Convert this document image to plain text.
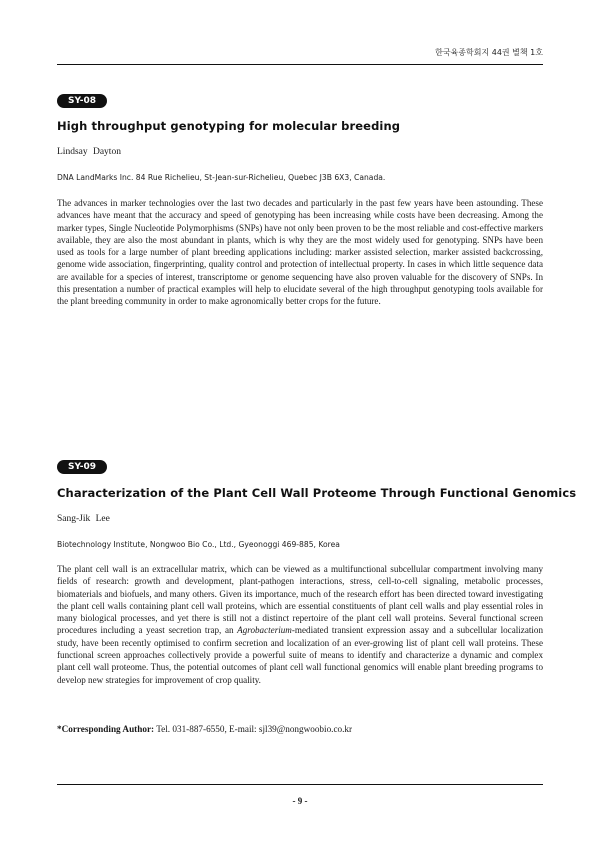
한국육종학회지 44권 별책 1호
SY-08
High throughput genotyping for molecular breeding
Lindsay Dayton
DNA LandMarks Inc. 84 Rue Richelieu, St-Jean-sur-Richelieu, Quebec J3B 6X3, Canada.

The advances in marker technologies over the last two decades and particularly in the past few years have been astounding. These advances have meant that the accuracy and speed of genotyping has been increasing while costs have been decreasing. Among the marker types, Single Nucleotide Polymorphisms (SNPs) have not only been proven to be the most reliable and cost-effective markers available, they are also the most abundant in plants, which is why they are the most widely used for genotyping. SNPs have been used as tools for a large number of plant breeding applications including: marker assisted selection, marker assisted backcrossing, genome wide association, fingerprinting, quality control and protection of intellectual property. In cases in which little sequence data are available for a species of interest, transcriptome or genome sequencing have also proven valuable for the discovery of SNPs. In this presentation a number of practical examples will help to elucidate several of the high throughput genotyping tools available for the plant breeding community in order to make agronomically better crops for the future.

SY-09
Characterization of the Plant Cell Wall Proteome Through Functional Genomics
Sang-Jik Lee
Biotechnology Institute, Nongwoo Bio Co., Ltd., Gyeonoggi 469-885, Korea

The plant cell wall is an extracellular matrix, which can be viewed as a multifunctional subcellular compartment involving many fields of research: growth and development, plant-pathogen interactions, stress, cell-to-cell signaling, metabolic processes, biomaterials and biofuels, and many others. Given its importance, much of the research effort has been directed toward investigating the plant cell walls containing plant cell wall proteins, which are essential constituents of plant cell walls and play essential roles in many biological processes, and yet there is still not a distinct repertoire of the plant cell wall proteins. Several functional screen procedures including a yeast secretion trap, an Agrobacterium-mediated transient expression assay and a subcellular localization study, have been recently optimised to confirm secretion and localization of an ever-growing list of plant cell wall proteins. These functional screen approaches collectively provide a powerful suite of means to identify and characterize a dynamic and complex plant cell wall proteome. Thus, the potential outcomes of plant cell wall functional genomics will enable plant breeding programs to develop new strategies for improvement of crop quality.

*Corresponding Author: Tel. 031-887-6550, E-mail: sjl39@nongwoobio.co.kr
- 9 -
